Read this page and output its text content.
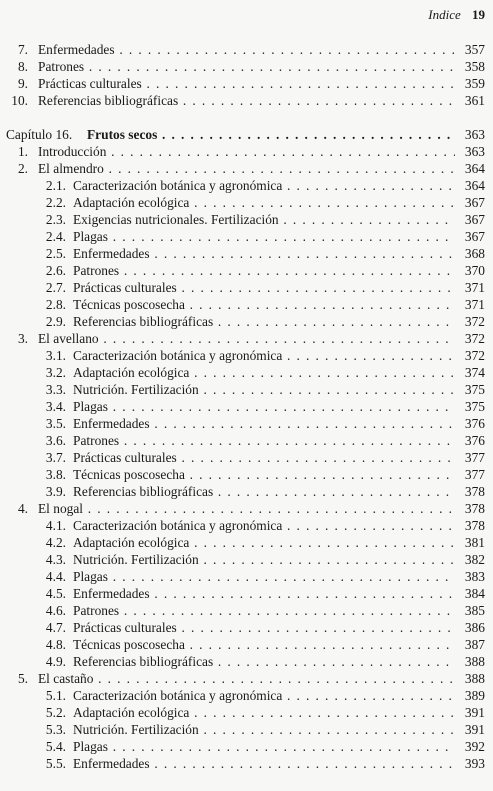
Indice 19
7. Enfermedades . . .	357
8. Patrones . . .	358
9. Prácticas culturales . . .	359
10. Referencias bibliográficas . . .	361
Capítulo 16. Frutos secos . . .	363
1. Introducción . . .	363
2. El almendro . . .	364
2.1. Caracterización botánica y agronómica . . .	364
2.2. Adaptación ecológica . . .	367
2.3. Exigencias nutricionales. Fertilización . . .	367
2.4. Plagas . . .	367
2.5. Enfermedades . . .	368
2.6. Patrones . . .	370
2.7. Prácticas culturales . . .	371
2.8. Técnicas poscosecha . . .	371
2.9. Referencias bibliográficas . . .	372
3. El avellano . . .	372
3.1. Caracterización botánica y agronómica . . .	372
3.2. Adaptación ecológica . . .	374
3.3. Nutrición. Fertilización . . .	375
3.4. Plagas . . .	375
3.5. Enfermedades . . .	376
3.6. Patrones . . .	376
3.7. Prácticas culturales . . .	377
3.8. Técnicas poscosecha . . .	377
3.9. Referencias bibliográficas . . .	378
4. El nogal . . .	378
4.1. Caracterización botánica y agronómica . . .	378
4.2. Adaptación ecológica . . .	381
4.3. Nutrición. Fertilización . . .	382
4.4. Plagas . . .	383
4.5. Enfermedades . . .	384
4.6. Patrones . . .	385
4.7. Prácticas culturales . . .	386
4.8. Técnicas poscosecha . . .	387
4.9. Referencias bibliográficas . . .	388
5. El castaño . . .	388
5.1. Caracterización botánica y agronómica . . .	389
5.2. Adaptación ecológica . . .	391
5.3. Nutrición. Fertilización . . .	391
5.4. Plagas . . .	392
5.5. Enfermedades . . .	393
